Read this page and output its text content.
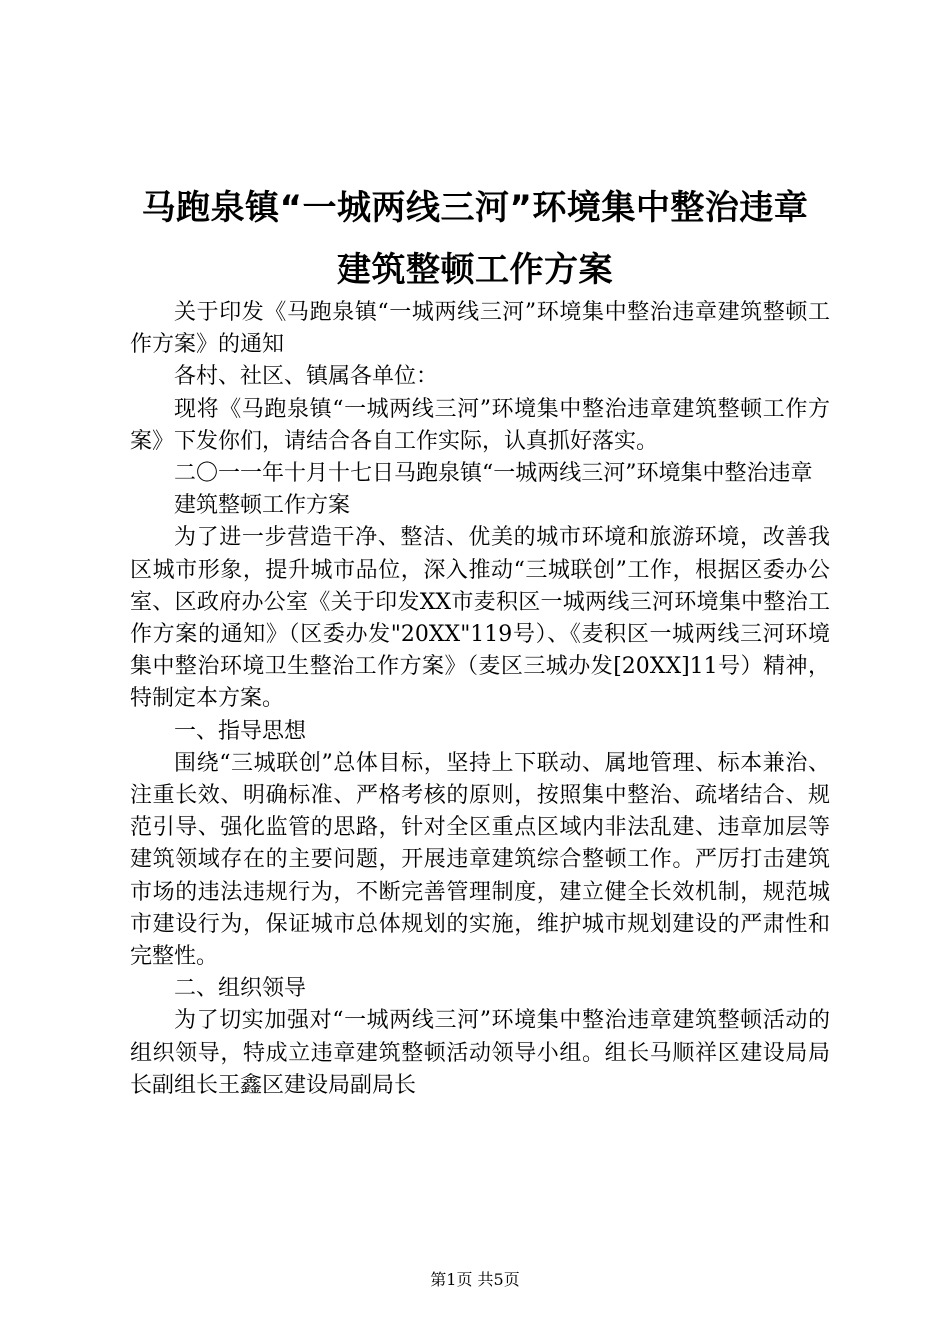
马跑泉镇“一城两线三河”环境集中整治违章
建筑整顿工作方案

关于印发《马跑泉镇“一城两线三河”环境集中整治违章建筑整顿工作方案》的通知

各村、社区、镇属各单位：

现将《马跑泉镇“一城两线三河”环境集中整治违章建筑整顿工作方案》下发你们，请结合各自工作实际，认真抓好落实。

二〇一一年十月十七日马跑泉镇“一城两线三河”环境集中整治违章

建筑整顿工作方案

为了进一步营造干净、整洁、优美的城市环境和旅游环境，改善我区城市形象，提升城市品位，深入推动“三城联创”工作，根据区委办公室、区政府办公室《关于印发XX市麦积区一城两线三河环境集中整治工作方案的通知》（区委办发"20XX"119号）、《麦积区一城两线三河环境集中整治环境卫生整治工作方案》（麦区三城办发[20XX]11号）精神，特制定本方案。

一、指导思想

围绕“三城联创”总体目标，坚持上下联动、属地管理、标本兼治、注重长效、明确标准、严格考核的原则，按照集中整治、疏堵结合、规范引导、强化监管的思路，针对全区重点区域内非法乱建、违章加层等建筑领域存在的主要问题，开展违章建筑综合整顿工作。严厉打击建筑市场的违法违规行为，不断完善管理制度，建立健全长效机制，规范城市建设行为，保证城市总体规划的实施，维护城市规划建设的严肃性和完整性。

二、组织领导

为了切实加强对“一城两线三河”环境集中整治违章建筑整顿活动的组织领导，特成立违章建筑整顿活动领导小组。组长马顺祥区建设局局长副组长王鑫区建设局副局长

第1页 共5页
